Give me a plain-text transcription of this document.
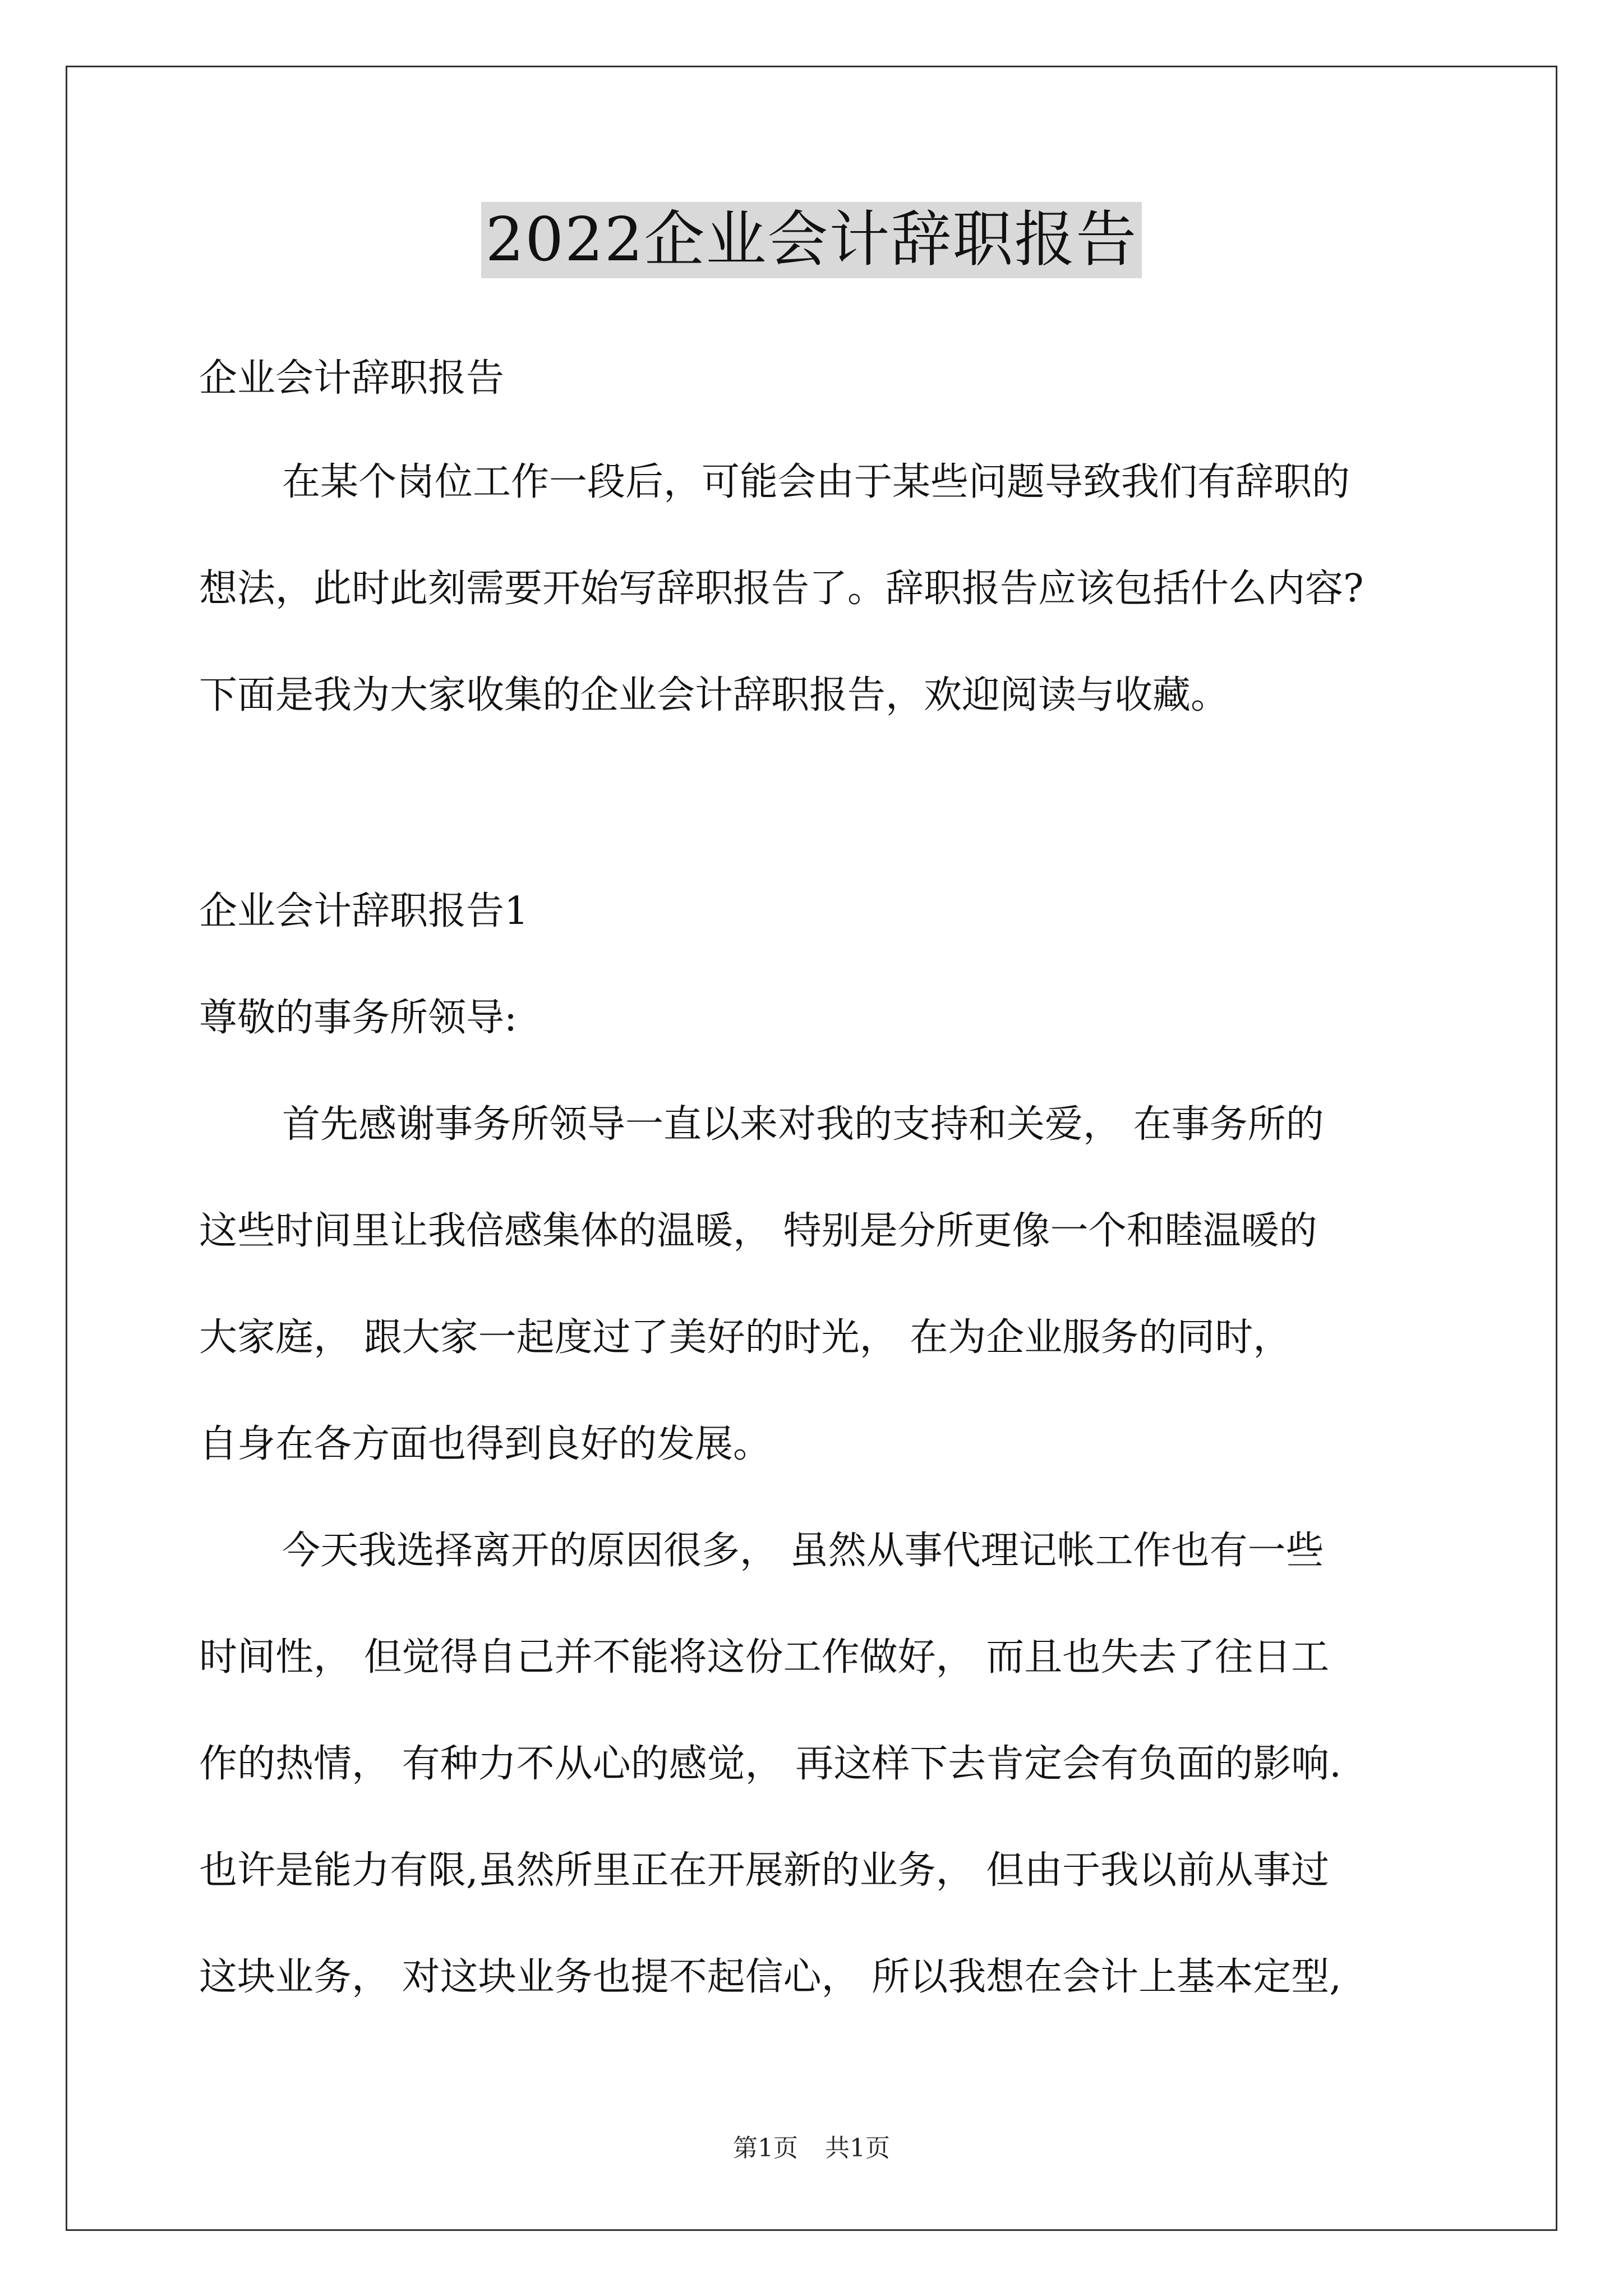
2022企业会计辞职报告
企业会计辞职报告
在某个岗位工作一段后，可能会由于某些问题导致我们有辞职的
想法，此时此刻需要开始写辞职报告了。辞职报告应该包括什么内容?
下面是我为大家收集的企业会计辞职报告，欢迎阅读与收藏。
企业会计辞职报告1
尊敬的事务所领导:
首先感谢事务所领导一直以来对我的支持和关爱， 在事务所的
这些时间里让我倍感集体的温暖， 特别是分所更像一个和睦温暖的
大家庭， 跟大家一起度过了美好的时光， 在为企业服务的同时，
自身在各方面也得到良好的发展。
今天我选择离开的原因很多， 虽然从事代理记帐工作也有一些
时间性， 但觉得自己并不能将这份工作做好， 而且也失去了往日工
作的热情， 有种力不从心的感觉， 再这样下去肯定会有负面的影响.
也许是能力有限,虽然所里正在开展新的业务， 但由于我以前从事过
这块业务， 对这块业务也提不起信心， 所以我想在会计上基本定型,
第1页 共1页
